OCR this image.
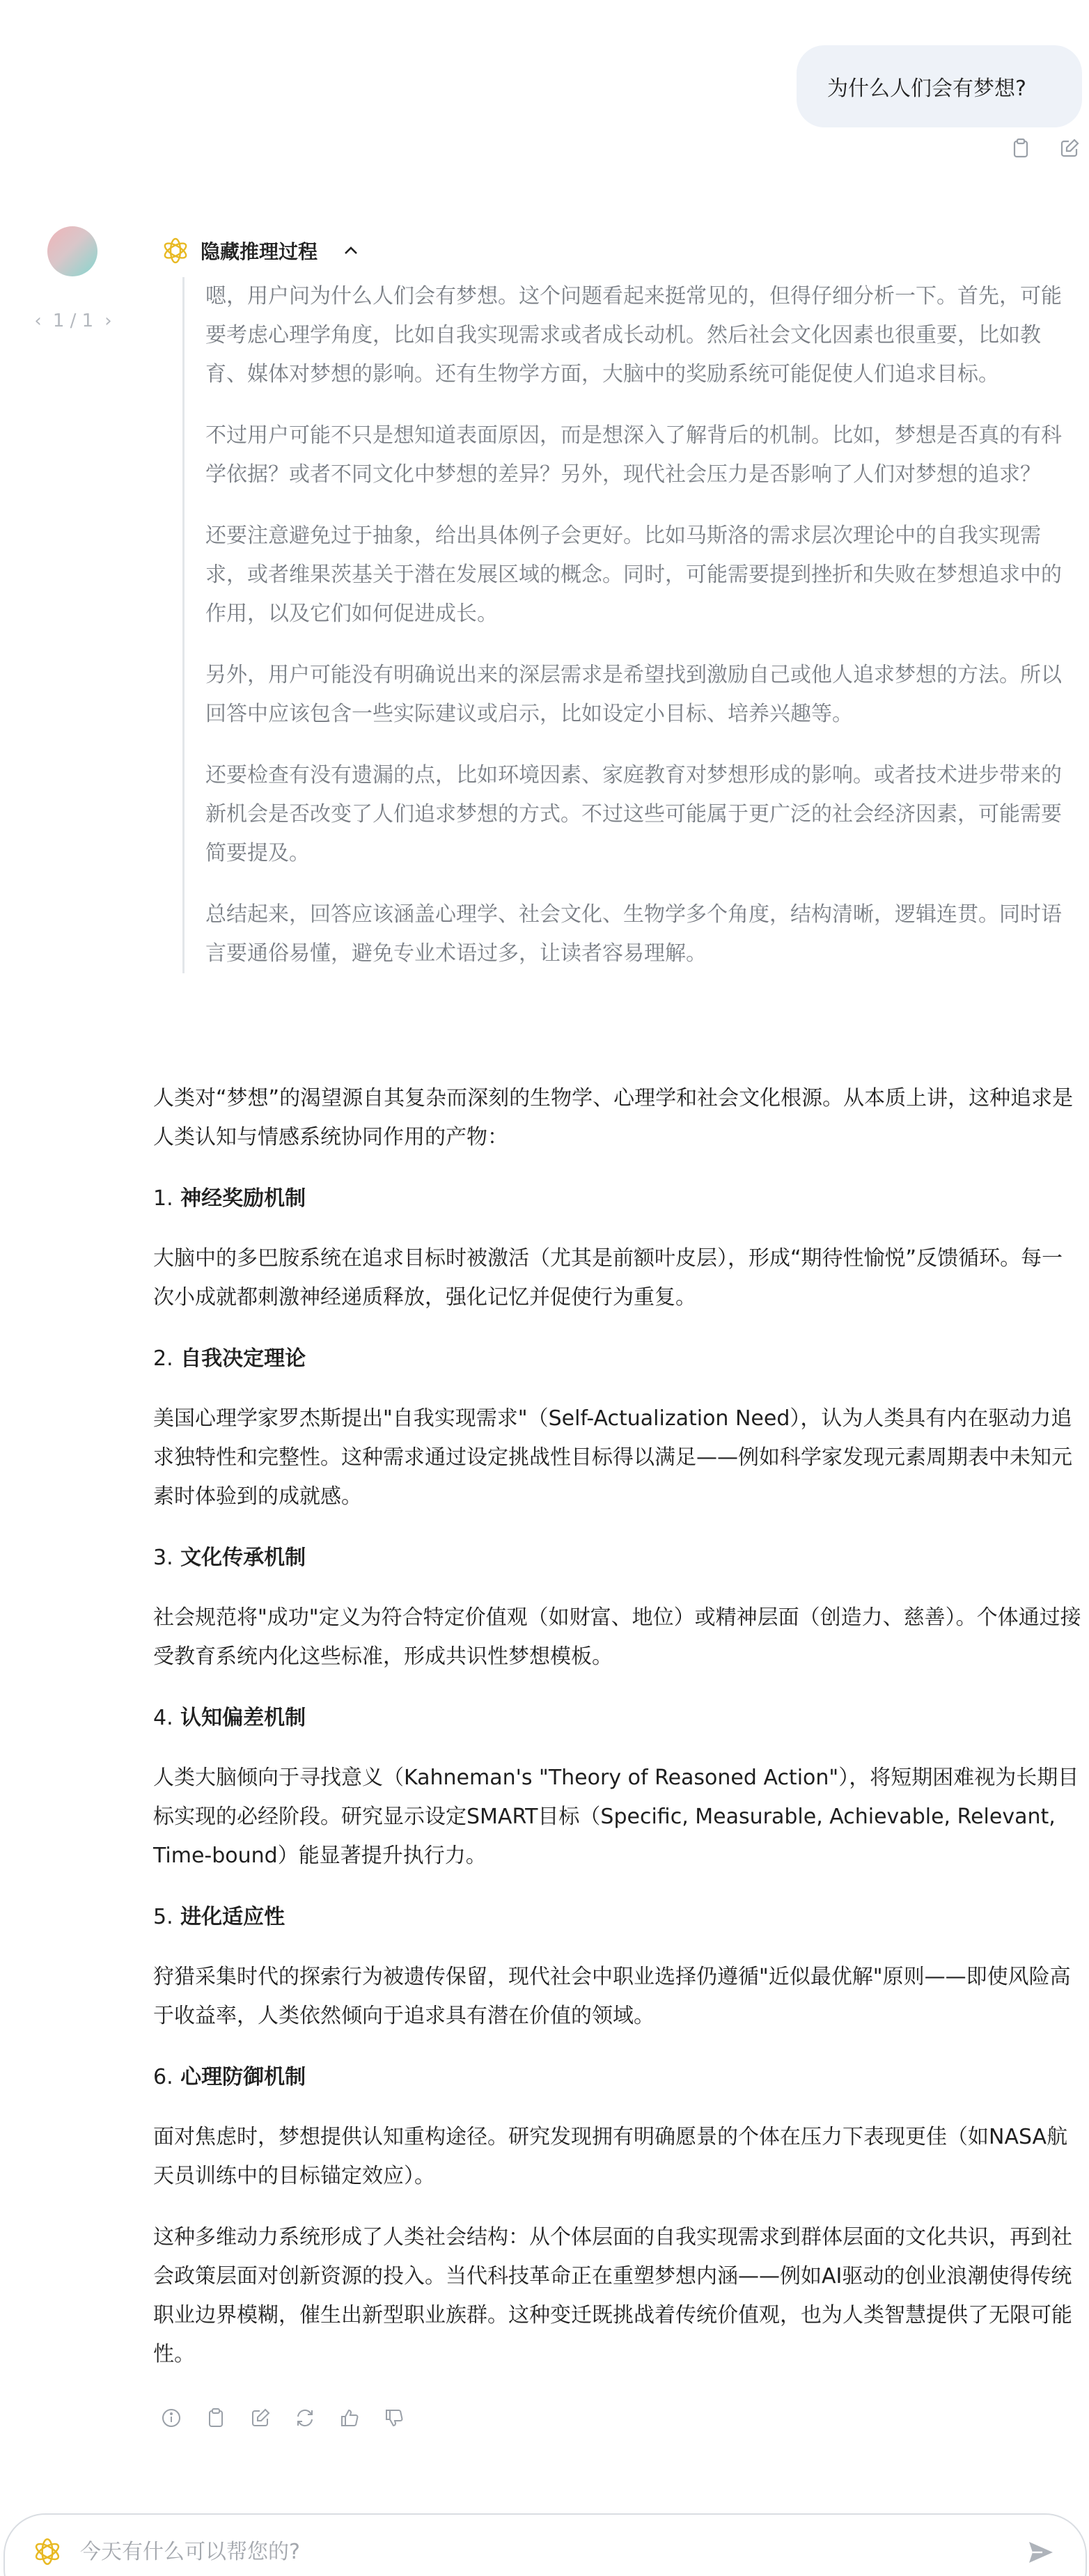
为什么人们会有梦想?
‹ 1 / 1 ›
隐藏推理过程

嗯，用户问为什么人们会有梦想。这个问题看起来挺常见的，但得仔细分析一下。首先，可能要考虑心理学角度，比如自我实现需求或者成长动机。然后社会文化因素也很重要，比如教育、媒体对梦想的影响。还有生物学方面，大脑中的奖励系统可能促使人们追求目标。

不过用户可能不只是想知道表面原因，而是想深入了解背后的机制。比如，梦想是否真的有科学依据？或者不同文化中梦想的差异？另外，现代社会压力是否影响了人们对梦想的追求？

还要注意避免过于抽象，给出具体例子会更好。比如马斯洛的需求层次理论中的自我实现需求，或者维果茨基关于潜在发展区域的概念。同时，可能需要提到挫折和失败在梦想追求中的作用，以及它们如何促进成长。

另外，用户可能没有明确说出来的深层需求是希望找到激励自己或他人追求梦想的方法。所以回答中应该包含一些实际建议或启示，比如设定小目标、培养兴趣等。

还要检查有没有遗漏的点，比如环境因素、家庭教育对梦想形成的影响。或者技术进步带来的新机会是否改变了人们追求梦想的方式。不过这些可能属于更广泛的社会经济因素，可能需要简要提及。

总结起来，回答应该涵盖心理学、社会文化、生物学多个角度，结构清晰，逻辑连贯。同时语言要通俗易懂，避免专业术语过多，让读者容易理解。

人类对“梦想”的渴望源自其复杂而深刻的生物学、心理学和社会文化根源。从本质上讲，这种追求是人类认知与情感系统协同作用的产物：

1. 神经奖励机制

大脑中的多巴胺系统在追求目标时被激活（尤其是前额叶皮层），形成“期待性愉悦”反馈循环。每一次小成就都刺激神经递质释放，强化记忆并促使行为重复。

2. 自我决定理论

美国心理学家罗杰斯提出"自我实现需求"（Self-Actualization Need），认为人类具有内在驱动力追求独特性和完整性。这种需求通过设定挑战性目标得以满足——例如科学家发现元素周期表中未知元素时体验到的成就感。

3. 文化传承机制

社会规范将"成功"定义为符合特定价值观（如财富、地位）或精神层面（创造力、慈善）。个体通过接受教育系统内化这些标准，形成共识性梦想模板。

4. 认知偏差机制

人类大脑倾向于寻找意义（Kahneman's "Theory of Reasoned Action"），将短期困难视为长期目标实现的必经阶段。研究显示设定SMART目标（Specific, Measurable, Achievable, Relevant, Time-bound）能显著提升执行力。

5. 进化适应性

狩猎采集时代的探索行为被遗传保留，现代社会中职业选择仍遵循"近似最优解"原则——即使风险高于收益率，人类依然倾向于追求具有潜在价值的领域。

6. 心理防御机制

面对焦虑时，梦想提供认知重构途径。研究发现拥有明确愿景的个体在压力下表现更佳（如NASA航天员训练中的目标锚定效应）。

这种多维动力系统形成了人类社会结构：从个体层面的自我实现需求到群体层面的文化共识，再到社会政策层面对创新资源的投入。当代科技革命正在重塑梦想内涵——例如AI驱动的创业浪潮使得传统职业边界模糊，催生出新型职业族群。这种变迁既挑战着传统价值观，也为人类智慧提供了无限可能性。

今天有什么可以帮您的?
